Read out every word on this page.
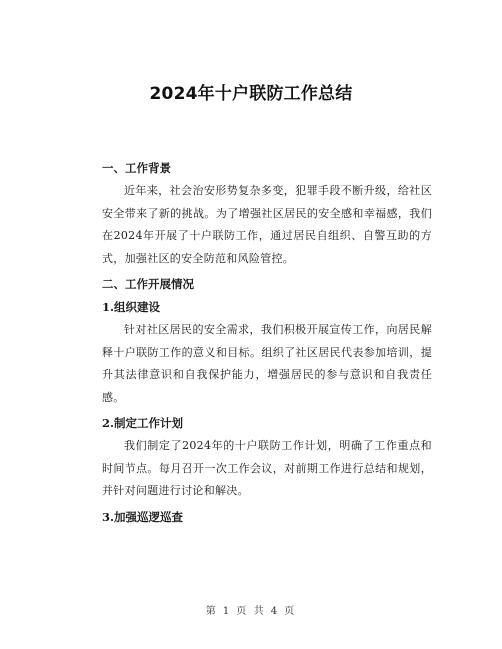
2024年十户联防工作总结
一、工作背景
近年来，社会治安形势复杂多变，犯罪手段不断升级，给社区安全带来了新的挑战。为了增强社区居民的安全感和幸福感，我们在2024年开展了十户联防工作，通过居民自组织、自警互助的方式，加强社区的安全防范和风险管控。
二、工作开展情况
1.组织建设
针对社区居民的安全需求，我们积极开展宣传工作，向居民解释十户联防工作的意义和目标。组织了社区居民代表参加培训，提升其法律意识和自我保护能力，增强居民的参与意识和自我责任感。
2.制定工作计划
我们制定了2024年的十户联防工作计划，明确了工作重点和时间节点。每月召开一次工作会议，对前期工作进行总结和规划，并针对问题进行讨论和解决。
3.加强巡逻巡查
第 1 页 共 4 页
